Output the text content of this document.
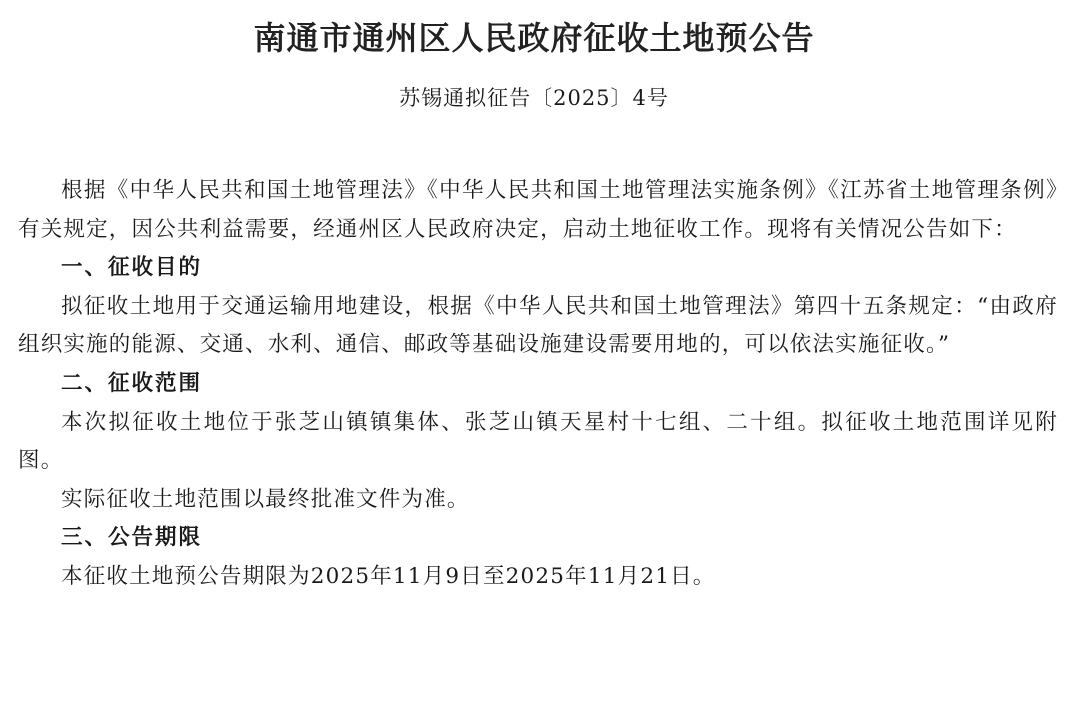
南通市通州区人民政府征收土地预公告
苏锡通拟征告〔2025〕4号

根据《中华人民共和国土地管理法》《中华人民共和国土地管理法实施条例》《江苏省土地管理条例》有关规定，因公共利益需要，经通州区人民政府决定，启动土地征收工作。现将有关情况公告如下：

一、征收目的

拟征收土地用于交通运输用地建设，根据《中华人民共和国土地管理法》第四十五条规定：“由政府组织实施的能源、交通、水利、通信、邮政等基础设施建设需要用地的，可以依法实施征收。”

二、征收范围

本次拟征收土地位于张芝山镇镇集体、张芝山镇天星村十七组、二十组。拟征收土地范围详见附图。

实际征收土地范围以最终批准文件为准。

三、公告期限

本征收土地预公告期限为2025年11月9日至2025年11月21日。
